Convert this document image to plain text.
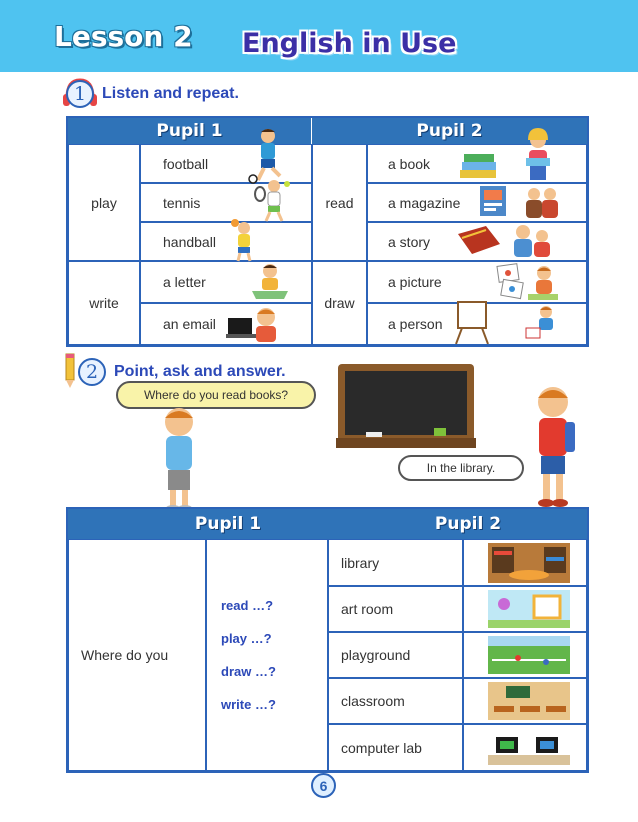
Lesson 2 English in Use
1 Listen and repeat.
Pupil 1	Pupil 2
play
write
football
tennis
handball
a letter
an email
read
draw
a book
a magazine
a story
a picture
a person
2 Point, ask and answer.
Where do you read books?
In the library.
Pupil 1	Pupil 2
Where do you
read …?
play …?
draw …?
write …?
library
art room
playground
classroom
computer lab
6
